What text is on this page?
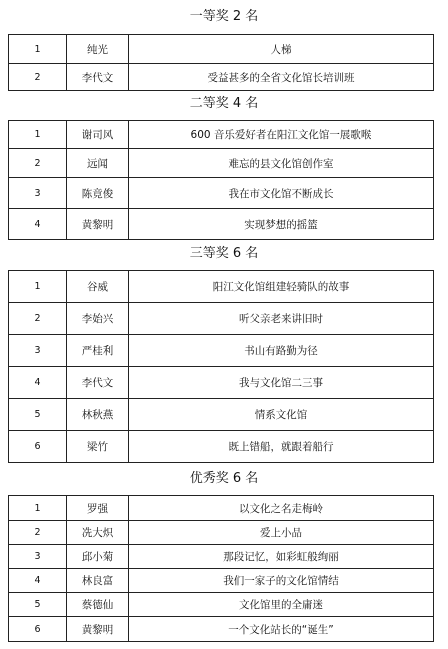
一等奖 2 名
1	纯光	人梯
2	李代文	受益甚多的全省文化馆长培训班
二等奖 4 名
1	谢司风	600 音乐爱好者在阳江文化馆一展歌喉
2	远闻	难忘的县文化馆创作室
3	陈竟俊	我在市文化馆不断成长
4	黄黎明	实现梦想的摇篮
三等奖 6 名
1	谷威	阳江文化馆组建轻骑队的故事
2	李始兴	听父亲老来讲旧时
3	严桂利	书山有路勤为径
4	李代文	我与文化馆二三事
5	林秋燕	情系文化馆
6	梁竹	既上错船，就跟着船行
优秀奖 6 名
1	罗强	以文化之名走梅岭
2	冼大炽	爱上小品
3	邱小菊	那段记忆，如彩虹般绚丽
4	林良富	我们一家子的文化馆情结
5	蔡德仙	文化馆里的全庸迷
6	黄黎明	一个文化站长的“诞生”
